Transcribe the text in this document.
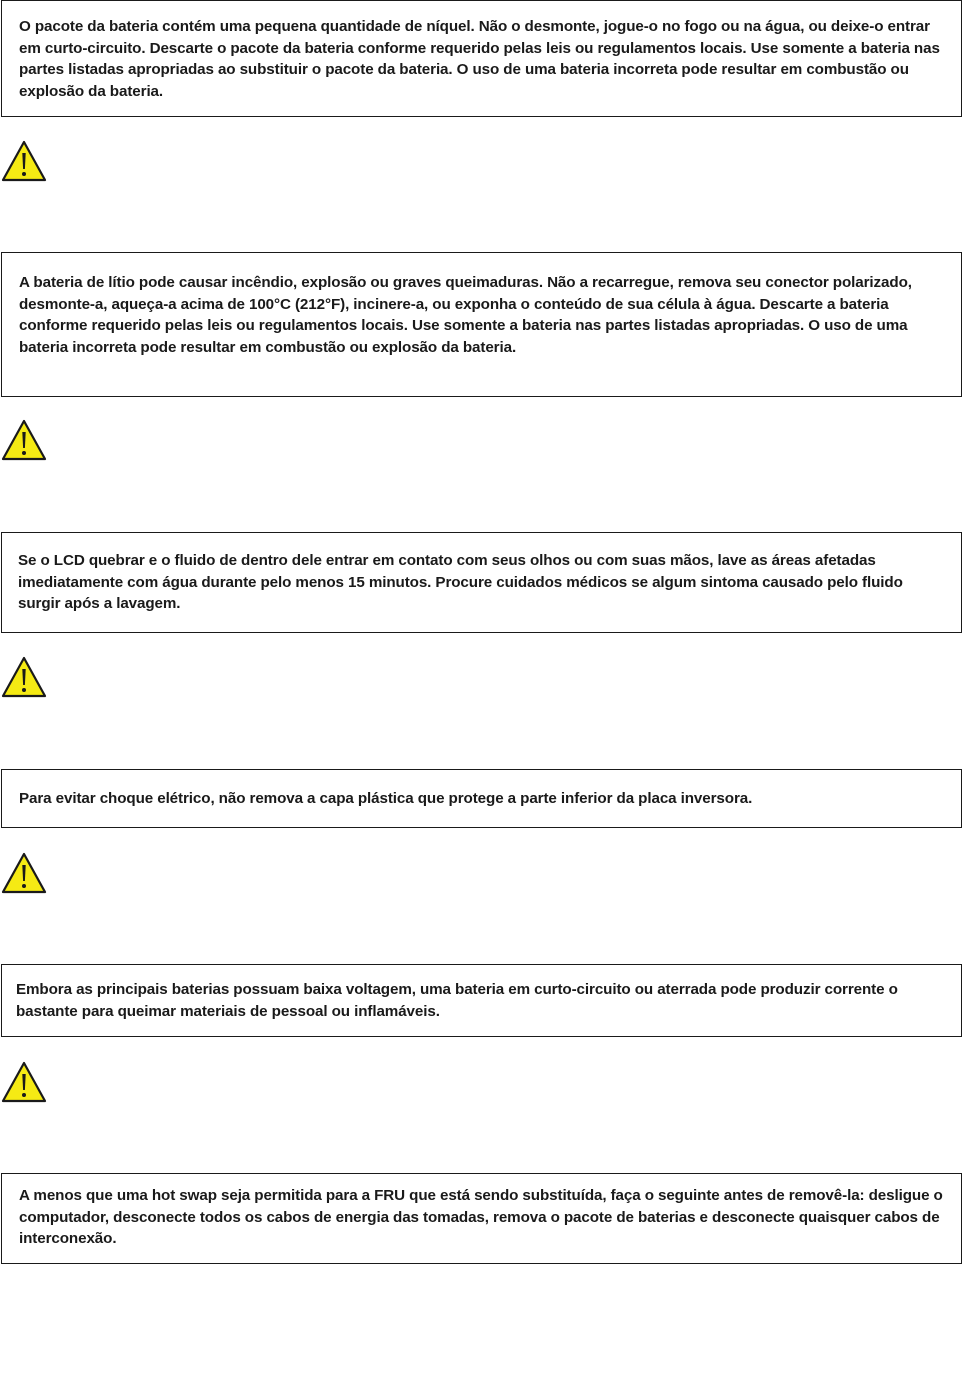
O pacote da bateria contém uma pequena quantidade de níquel. Não o desmonte, jogue-o no fogo ou na água, ou deixe-o entrar em curto-circuito. Descarte o pacote da bateria conforme requerido pelas leis ou regulamentos locais. Use somente a bateria nas partes listadas apropriadas ao substituir o pacote da bateria. O uso de uma bateria incorreta pode resultar em combustão ou explosão da bateria.

A bateria de lítio pode causar incêndio, explosão ou graves queimaduras. Não a recarregue, remova seu conector polarizado, desmonte-a, aqueça-a acima de 100°C (212°F), incinere-a, ou exponha o conteúdo de sua célula à água. Descarte a bateria conforme requerido pelas leis ou regulamentos locais. Use somente a bateria nas partes listadas apropriadas. O uso de uma bateria incorreta pode resultar em combustão ou explosão da bateria.

Se o LCD quebrar e o fluido de dentro dele entrar em contato com seus olhos ou com suas mãos, lave as áreas afetadas imediatamente com água durante pelo menos 15 minutos. Procure cuidados médicos se algum sintoma causado pelo fluido surgir após a lavagem.

Para evitar choque elétrico, não remova a capa plástica que protege a parte inferior da placa inversora.

Embora as principais baterias possuam baixa voltagem, uma bateria em curto-circuito ou aterrada pode produzir corrente o bastante para queimar materiais de pessoal ou inflamáveis.

A menos que uma hot swap seja permitida para a FRU que está sendo substituída, faça o seguinte antes de removê-la: desligue o computador, desconecte todos os cabos de energia das tomadas, remova o pacote de baterias e desconecte quaisquer cabos de interconexão.
